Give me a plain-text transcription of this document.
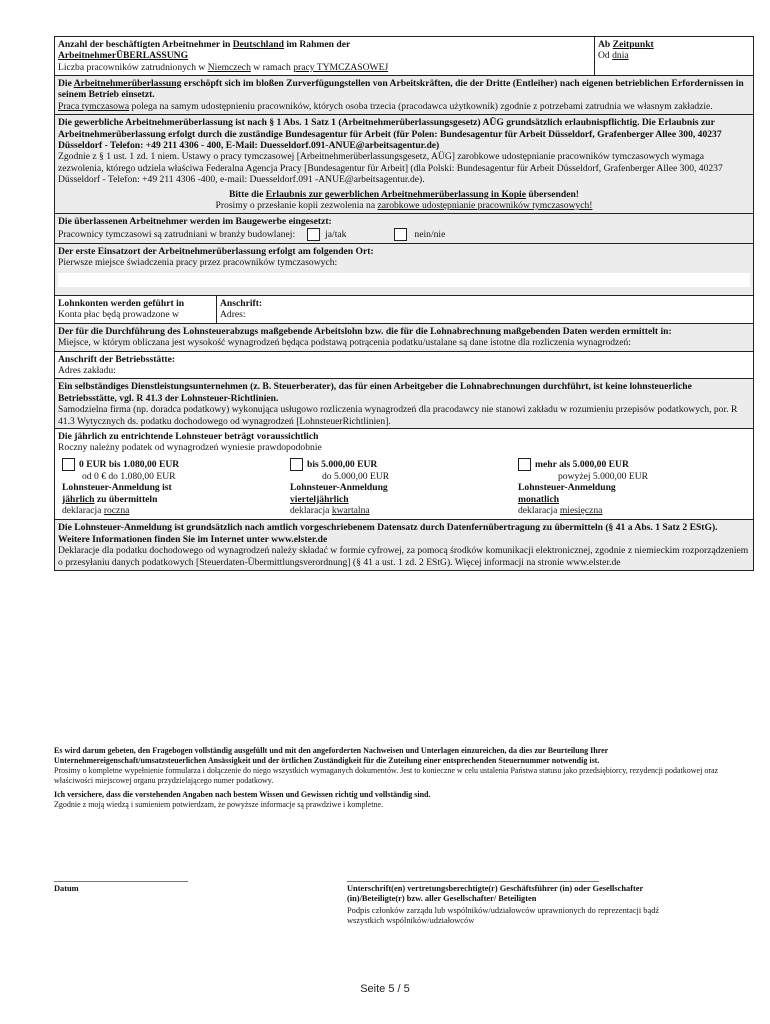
Anzahl der beschäftigten Arbeitnehmer in Deutschland im Rahmen der
ArbeitnehmerÜBERLASSUNG
Liczba pracowników zatrudnionych w Niemczech w ramach pracy TYMCZASOWEJ
Ab Zeitpunkt
Od dnia
Die Arbeitnehmerüberlassung erschöpft sich im bloßen Zurverfügungstellen von Arbeitskräften, die der Dritte (Entleiher) nach eigenen betrieblichen Erfordernissen in seinem Betrieb einsetzt.
Praca tymczasowa polega na samym udostępnieniu pracowników, których osoba trzecia (pracodawca użytkownik) zgodnie z potrzebami zatrudnia we własnym zakładzie.
Die gewerbliche Arbeitnehmerüberlassung ist nach § 1 Abs. 1 Satz 1 (Arbeitnehmerüberlassungsgesetz) AÜG grundsätzlich erlaubnispflichtig. Die Erlaubnis zur Arbeitnehmerüberlassung erfolgt durch die zuständige Bundesagentur für Arbeit (für Polen: Bundesagentur für Arbeit Düsseldorf, Grafenberger Allee 300, 40237 Düsseldorf - Telefon: +49 211 4306 - 400, E-Mail: Duesseldorf.091-ANUE@arbeitsagentur.de)
Zgodnie z § 1 ust. 1 zd. 1 niem. Ustawy o pracy tymczasowej [Arbeitnehmerüberlassungsgesetz, AÜG] zarobkowe udostępnianie pracowników tymczasowych wymaga zezwolenia, którego udziela właściwa Federalna Agencja Pracy [Bundesagentur für Arbeit] (dla Polski: Bundesagentur für Arbeit Düsseldorf, Grafenberger Allee 300, 40237 Düsseldorf - Telefon: +49 211 4306 -400, e-mail: Duesseldorf.091 -ANUE@arbeitsagentur.de).
Bitte die Erlaubnis zur gewerblichen Arbeitnehmerüberlassung in Kopie übersenden!
Prosimy o przesłanie kopii zezwolenia na zarobkowe udostępnianie pracowników tymczasowych!
Die überlassenen Arbeitnehmer werden im Baugewerbe eingesetzt:
Pracownicy tymczasowi są zatrudniani w branży budowlanej:	ja/tak	nein/nie
Der erste Einsatzort der Arbeitnehmerüberlassung erfolgt am folgenden Ort:
Pierwsze miejsce świadczenia pracy przez pracowników tymczasowych:
Lohnkonten werden geführt in
Konta płac będą prowadzone w
Anschrift:
Adres:
Der für die Durchführung des Lohnsteuerabzugs maßgebende Arbeitslohn bzw. die für die Lohnabrechnung maßgebenden Daten werden ermittelt in:
Miejsce, w którym obliczana jest wysokość wynagrodzeń będąca podstawą potrącenia podatku/ustalane są dane istotne dla rozliczenia wynagrodzeń:
Anschrift der Betriebsstätte:
Adres zakładu:
Ein selbständiges Dienstleistungsunternehmen (z. B. Steuerberater), das für einen Arbeitgeber die Lohnabrechnungen durchführt, ist keine lohnsteuerliche Betriebsstätte, vgl. R 41.3 der Lohnsteuer-Richtlinien.
Samodzielna firma (np. doradca podatkowy) wykonująca usługowo rozliczenia wynagrodzeń dla pracodawcy nie stanowi zakładu w rozumieniu przepisów podatkowych, por. R 41.3 Wytycznych ds. podatku dochodowego od wynagrodzeń [LohnsteuerRichtlinien].
Die jährlich zu entrichtende Lohnsteuer beträgt voraussichtlich
Roczny należny podatek od wynagrodzeń wyniesie prawdopodobnie
0 EUR bis 1.080,00 EUR
od 0 € do 1.080,00 EUR
Lohnsteuer-Anmeldung ist
jährlich zu übermitteln
deklaracja roczna
bis 5.000,00 EUR
do 5.000,00 EUR
Lohnsteuer-Anmeldung
vierteljährlich
deklaracja kwartalna
mehr als 5.000,00 EUR
powyżej 5.000,00 EUR
Lohnsteuer-Anmeldung
monatlich
deklaracja miesięczna
Die Lohnsteuer-Anmeldung ist grundsätzlich nach amtlich vorgeschriebenem Datensatz durch Datenfernübertragung zu übermitteln (§ 41 a Abs. 1 Satz 2 EStG).
Weitere Informationen finden Sie im Internet unter www.elster.de
Deklaracje dla podatku dochodowego od wynagrodzeń należy składać w formie cyfrowej, za pomocą środków komunikacji elektronicznej, zgodnie z niemieckim rozporządzeniem o przesyłaniu danych podatkowych [Steuerdaten-Übermittlungsverordnung] (§ 41 a ust. 1 zd. 2 EStG). Więcej informacji na stronie www.elster.de
Es wird darum gebeten, den Fragebogen vollständig ausgefüllt und mit den angeforderten Nachweisen und Unterlagen einzureichen, da dies zur Beurteilung Ihrer Unternehmereigenschaft/umsatzsteuerlichen Ansässigkeit und der örtlichen Zuständigkeit für die Zuteilung einer entsprechenden Steuernummer notwendig ist.
Prosimy o kompletne wypełnienie formularza i dołączenie do niego wszystkich wymaganych dokumentów. Jest to konieczne w celu ustalenia Państwa statusu jako przedsiębiorcy, rezydencji podatkowej oraz właściwości miejscowej organu przydzielającego numer podatkowy.
Ich versichere, dass die vorstehenden Angaben nach bestem Wissen und Gewissen richtig und vollständig sind.
Zgodnie z moją wiedzą i sumieniem potwierdzam, że powyższe informacje są prawdziwe i kompletne.
Datum	Unterschrift(en) vertretungsberechtigte(r) Geschäftsführer (in) oder Gesellschafter (in)/Beteiligte(r) bzw. aller Gesellschafter/ Beteiligten
Podpis członków zarządu lub wspólników/udziałowców uprawnionych do reprezentacji bądź wszystkich wspólników/udziałowców
Seite 5 / 5
